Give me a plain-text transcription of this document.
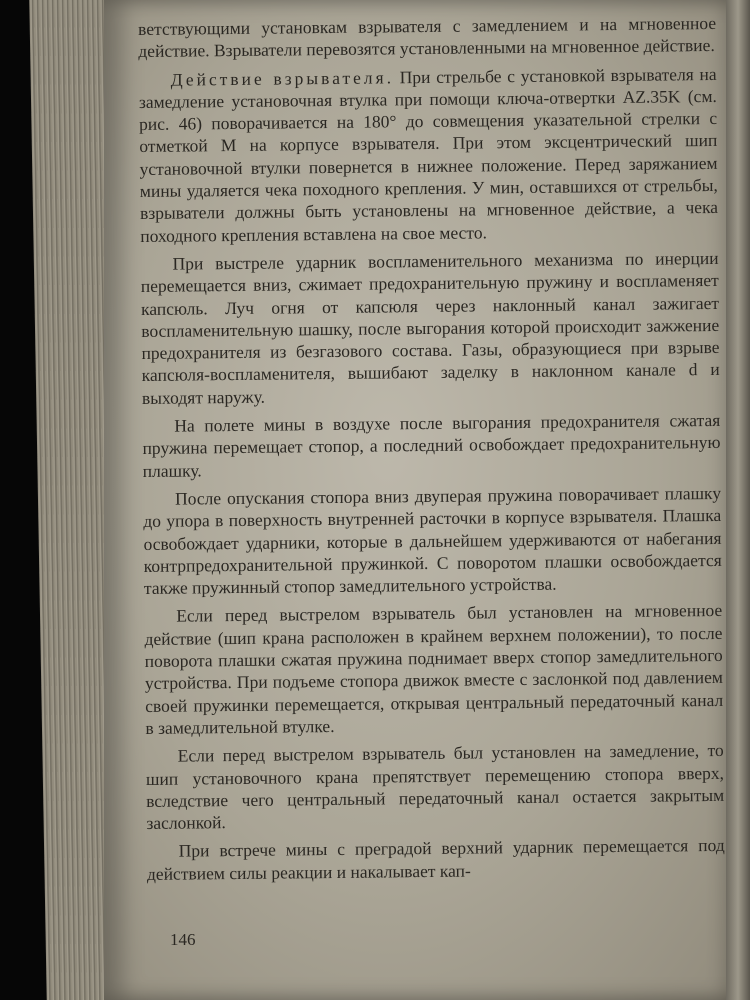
ветствующими установкам взрывателя с замедлением и на мгновенное действие. Взрыватели перевозятся установленными на мгновенное действие.

Действие взрывателя. При стрельбе с установкой взрывателя на замедление установочная втулка при помощи ключа-отвертки AZ.35K (см. рис. 46) поворачивается на 180° до совмещения указательной стрелки с отметкой M на корпусе взрывателя. При этом эксцентрический шип установочной втулки повернется в нижнее положение. Перед заряжанием мины удаляется чека походного крепления. У мин, оставшихся от стрельбы, взрыватели должны быть установлены на мгновенное действие, а чека походного крепления вставлена на свое место.

При выстреле ударник воспламенительного механизма по инерции перемещается вниз, сжимает предохранительную пружину и воспламеняет капсюль. Луч огня от капсюля через наклонный канал зажигает воспламенительную шашку, после выгорания которой происходит зажжение предохранителя из безгазового состава. Газы, образующиеся при взрыве капсюля-воспламенителя, вышибают заделку в наклонном канале d и выходят наружу.

На полете мины в воздухе после выгорания предохранителя сжатая пружина перемещает стопор, а последний освобождает предохранительную плашку.

После опускания стопора вниз двуперая пружина поворачивает плашку до упора в поверхность внутренней расточки в корпусе взрывателя. Плашка освобождает ударники, которые в дальнейшем удерживаются от набегания контрпредохранительной пружинкой. С поворотом плашки освобождается также пружинный стопор замедлительного устройства.

Если перед выстрелом взрыватель был установлен на мгновенное действие (шип крана расположен в крайнем верхнем положении), то после поворота плашки сжатая пружина поднимает вверх стопор замедлительного устройства. При подъеме стопора движок вместе с заслонкой под давлением своей пружинки перемещается, открывая центральный передаточный канал в замедлительной втулке.

Если перед выстрелом взрыватель был установлен на замедление, то шип установочного крана препятствует перемещению стопора вверх, вследствие чего центральный передаточный канал остается закрытым заслонкой.

При встрече мины с преградой верхний ударник перемещается под действием силы реакции и накалывает кап-

146
